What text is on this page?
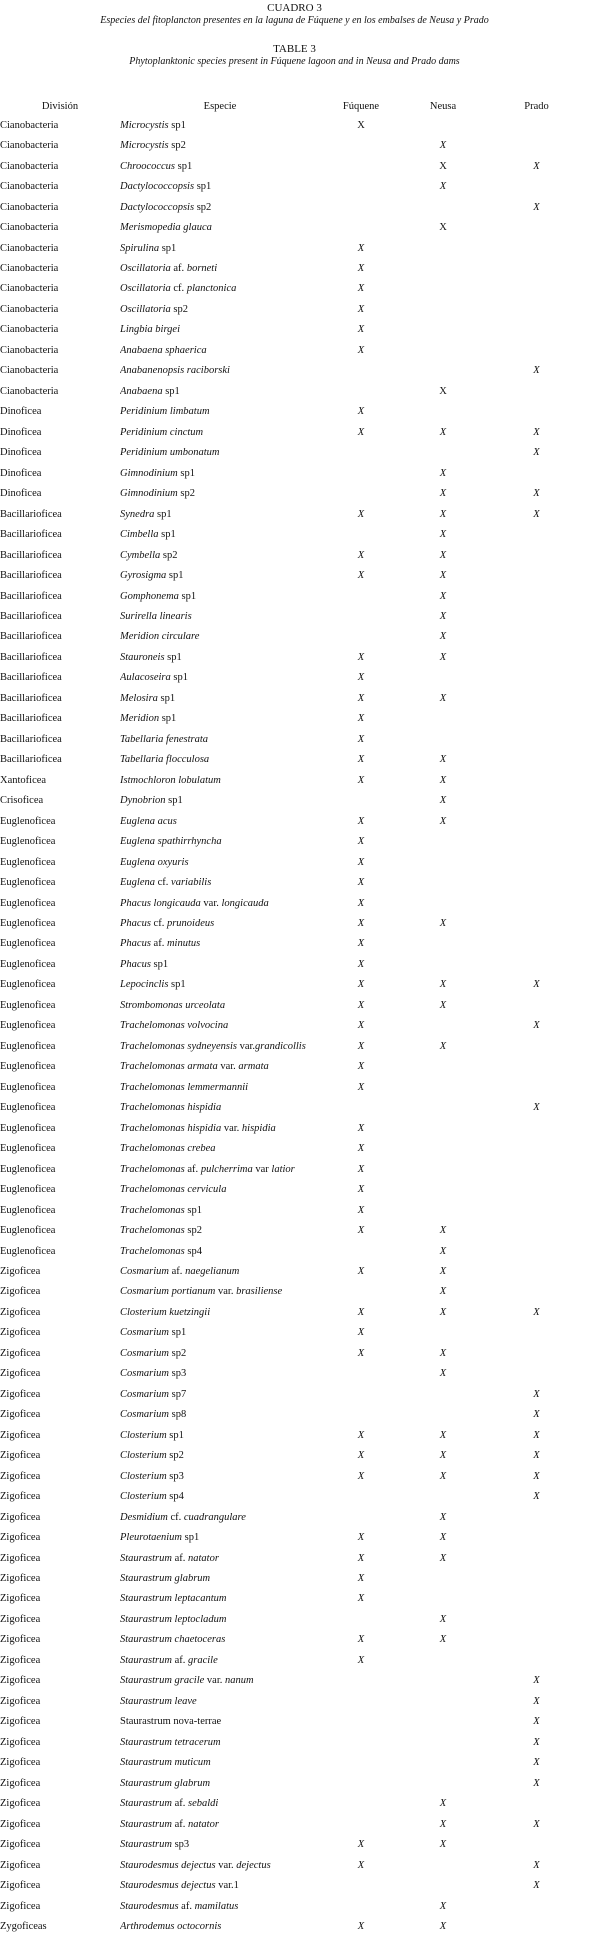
CUADRO 3
Especies del fitoplancton presentes en la laguna de Fúquene y en los embalses de Neusa y Prado
TABLE 3
Phytoplanktonic species present in Fúquene lagoon and in Neusa and Prado dams
División	Especie	Fúquene	Neusa	Prado
Cianobacteria	Microcystis sp1	X		
Cianobacteria	Microcystis sp2		X	
Cianobacteria	Chroococcus sp1		X	X
Cianobacteria	Dactylococcopsis sp1		X	
Cianobacteria	Dactylococcopsis sp2			X
Cianobacteria	Merismopedia glauca		X	
Cianobacteria	Spirulina sp1	X		
Cianobacteria	Oscillatoria af. borneti	X		
Cianobacteria	Oscillatoria cf. planctonica	X		
Cianobacteria	Oscillatoria sp2	X		
Cianobacteria	Lingbia birgei	X		
Cianobacteria	Anabaena sphaerica	X		
Cianobacteria	Anabanenopsis raciborski			X
Cianobacteria	Anabaena sp1		X	
Dinoficea	Peridinium limbatum	X		
Dinoficea	Peridinium cinctum	X	X	X
Dinoficea	Peridinium umbonatum			X
Dinoficea	Gimnodinium sp1		X	
Dinoficea	Gimnodinium sp2		X	X
Bacillarioficea	Synedra sp1	X	X	X
Bacillarioficea	Cimbella sp1		X	
Bacillarioficea	Cymbella sp2	X	X	
Bacillarioficea	Gyrosigma sp1	X	X	
Bacillarioficea	Gomphonema sp1		X	
Bacillarioficea	Surirella linearis		X	
Bacillarioficea	Meridion circulare		X	
Bacillarioficea	Stauroneis sp1	X	X	
Bacillarioficea	Aulacoseira sp1	X		
Bacillarioficea	Melosira sp1	X	X	
Bacillarioficea	Meridion sp1	X		
Bacillarioficea	Tabellaria fenestrata	X		
Bacillarioficea	Tabellaria flocculosa	X	X	
Xantoficea	Istmochloron lobulatum	X	X	
Crisoficea	Dynobrion sp1		X	
Euglenoficea	Euglena acus	X	X	
Euglenoficea	Euglena spathirrhyncha	X		
Euglenoficea	Euglena oxyuris	X		
Euglenoficea	Euglena cf. variabilis	X		
Euglenoficea	Phacus longicauda var. longicauda	X		
Euglenoficea	Phacus cf. prunoideus	X	X	
Euglenoficea	Phacus af. minutus	X		
Euglenoficea	Phacus sp1	X		
Euglenoficea	Lepocinclis sp1	X	X	X
Euglenoficea	Strombomonas urceolata	X	X	
Euglenoficea	Trachelomonas volvocina	X		X
Euglenoficea	Trachelomonas sydneyensis var.grandicollis	X	X	
Euglenoficea	Trachelomonas armata var. armata	X		
Euglenoficea	Trachelomonas lemmermannii	X		
Euglenoficea	Trachelomonas hispidia			X
Euglenoficea	Trachelomonas hispidia var. hispidia	X		
Euglenoficea	Trachelomonas crebea	X		
Euglenoficea	Trachelomonas af. pulcherrima var latior	X		
Euglenoficea	Trachelomonas cervicula	X		
Euglenoficea	Trachelomonas sp1	X		
Euglenoficea	Trachelomonas sp2	X	X	
Euglenoficea	Trachelomonas sp4		X	
Zigoficea	Cosmarium af. naegelianum	X	X	
Zigoficea	Cosmarium portianum var. brasiliense		X	
Zigoficea	Closterium kuetzingii	X	X	X
Zigoficea	Cosmarium sp1	X		
Zigoficea	Cosmarium sp2	X	X	
Zigoficea	Cosmarium sp3		X	
Zigoficea	Cosmarium sp7			X
Zigoficea	Cosmarium sp8			X
Zigoficea	Closterium sp1	X	X	X
Zigoficea	Closterium sp2	X	X	X
Zigoficea	Closterium sp3	X	X	X
Zigoficea	Closterium sp4			X
Zigoficea	Desmidium cf. cuadrangulare		X	
Zigoficea	Pleurotaenium sp1	X	X	
Zigoficea	Staurastrum af. natator	X	X	
Zigoficea	Staurastrum glabrum	X		
Zigoficea	Staurastrum leptacantum	X		
Zigoficea	Staurastrum leptocladum		X	
Zigoficea	Staurastrum chaetoceras	X	X	
Zigoficea	Staurastrum af. gracile	X		
Zigoficea	Staurastrum gracile var. nanum			X
Zigoficea	Staurastrum leave			X
Zigoficea	Staurastrum nova-terrae			X
Zigoficea	Staurastrum tetracerum			X
Zigoficea	Staurastrum muticum			X
Zigoficea	Staurastrum glabrum			X
Zigoficea	Staurastrum af. sebaldi		X	
Zigoficea	Staurastrum af. natator		X	X
Zigoficea	Staurastrum sp3	X	X	
Zigoficea	Staurodesmus dejectus var. dejectus	X		X
Zigoficea	Staurodesmus dejectus var.1			X
Zigoficea	Staurodesmus af. mamilatus		X	
Zygoficeas	Arthrodemus octocornis	X	X	
